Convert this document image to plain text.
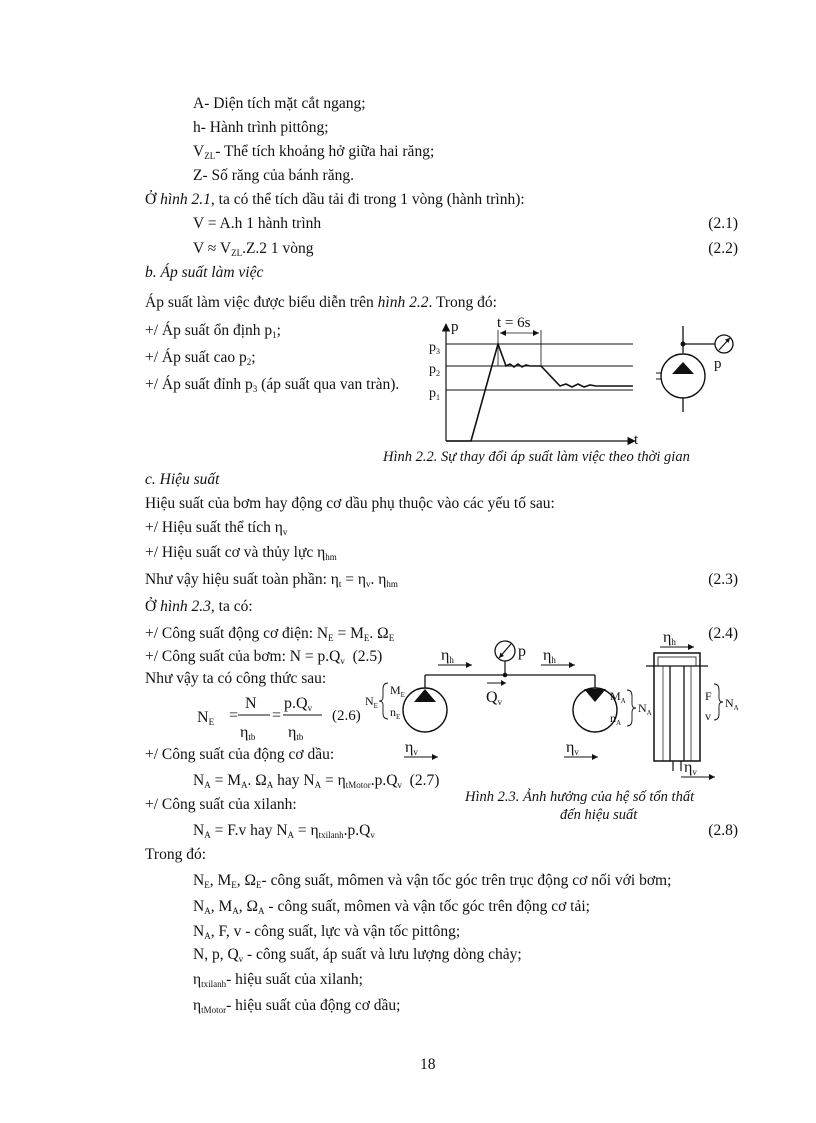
A- Diện tích mặt cắt ngang;
h- Hành trình pittông;
$V_{ZL}-$ Thể tích khoảng hở giữa hai răng;
Z- Số răng của bánh răng.
Ở hình 2.1, ta có thể tích dầu tải đi trong 1 vòng (hành trình):
V = A.h 1 hành trình	(2.1)
$V \approx V_{ZL}.Z.2$ 1 vòng	(2.2)
b. Áp suất làm việc
Áp suất làm việc được biểu diễn trên hình 2.2. Trong đó:
+/ Áp suất ổn định $p_1$;
+/ Áp suất cao $p_2$;
+/ Áp suất đỉnh $p_3$ (áp suất qua van tràn).
p
t
$p_3$
$p_2$
$p_1$
t = 6s
p
Hình 2.2. Sự thay đổi áp suất làm việc theo thời gian
c. Hiệu suất
Hiệu suất của bơm hay động cơ dầu phụ thuộc vào các yếu tố sau:
+/ Hiệu suất thể tích $\eta_v$
+/ Hiệu suất cơ và thủy lực $\eta_{hm}$
Như vậy hiệu suất toàn phần: $\eta_t = \eta_v$. $\eta_{hm}$	(2.3)
Ở hình 2.3, ta có:
+/ Công suất động cơ điện: $N_E = M_E$. $\Omega_E$	(2.4)
+/ Công suất của bơm: $N = p.Q_v$ (2.5)
Như vậy ta có công thức sau:
NE =
N
ηtb
=
p.Qv
ηtb
(2.6)
+/ Công suất của động cơ dầu:
$N_A = M_A$. $\Omega_A$ hay $N_A = \eta_{tMotor}.p.Q_v$ (2.7)
+/ Công suất của xilanh:
$N_A = F.v$ hay $N_A = \eta_{txilanh}.p.Q_v$	(2.8)
ηh	ηh
ηh
p
Qv
$N_E$
$M_E$
$n_E$
ηv
$M_A$
$n_A$
$N_A$
ηv
F
v
$N_A$
ηv
Hình 2.3. Ảnh hưởng của hệ số tổn thất
đến hiệu suất
Trong đó:
$N_E$, $M_E$, $\Omega_E-$ công suất, mômen và vận tốc góc trên trục động cơ nối với bơm;
$N_A$, $M_A$, $\Omega_A$ - công suất, mômen và vận tốc góc trên động cơ tải;
$N_A$, F, v - công suất, lực và vận tốc pittông;
N, p, $Q_v$ - công suất, áp suất và lưu lượng dòng chảy;
$\eta_{txilanh}-$ hiệu suất của xilanh;
$\eta_{tMotor}-$ hiệu suất của động cơ dầu;
18
